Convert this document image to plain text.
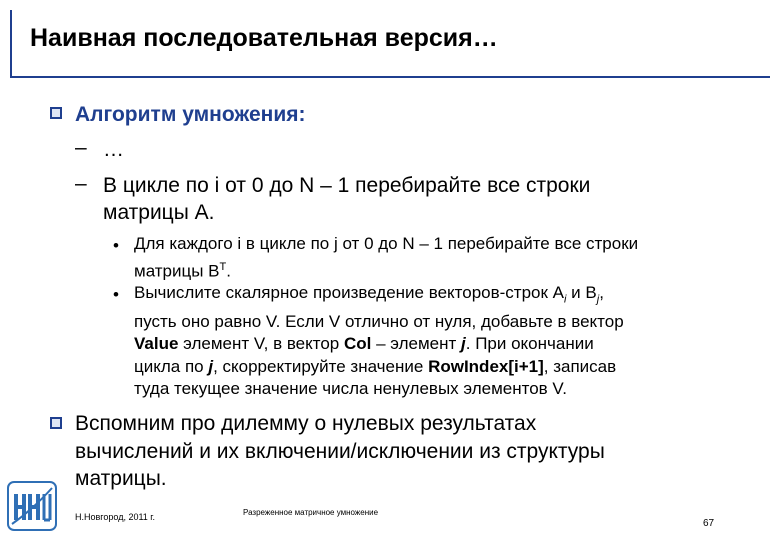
Наивная последовательная версия…
Алгоритм умножения:
– …
– В цикле по i от 0 до N – 1 перебирайте все строки
матрицы A.
• Для каждого i в цикле по j от 0 до N – 1 перебирайте все строки
матрицы $B^T$.
• Вычислите скалярное произведение векторов-строк $A_i$ и $B_j$,
пусть оно равно V. Если V отлично от нуля, добавьте в вектор
Value элемент V, в вектор Col – элемент j. При окончании
цикла по j, скорректируйте значение RowIndex[i+1], записав
туда текущее значение числа ненулевых элементов V.
Вспомним про дилемму о нулевых результатах
вычислений и их включении/исключении из структуры
матрицы.
Н.Новгород, 2011 г.	Разреженное матричное умножение
67
